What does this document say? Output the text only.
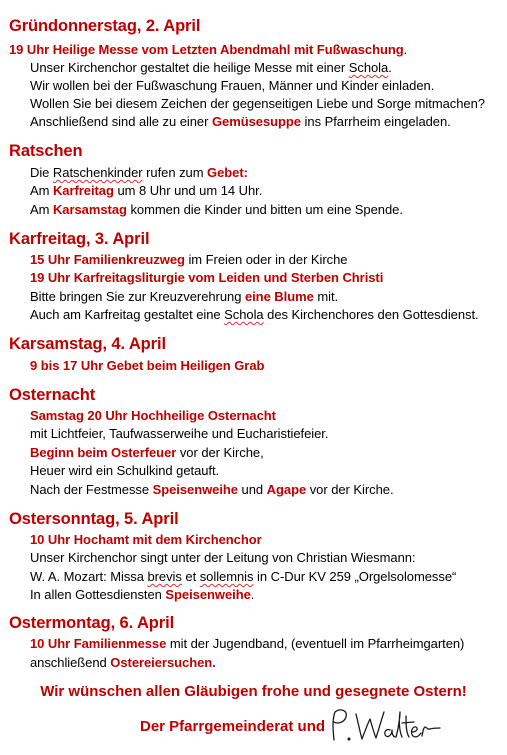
Gründonnerstag, 2. April
19 Uhr Heilige Messe vom Letzten Abendmahl mit Fußwaschung.
Unser Kirchenchor gestaltet die heilige Messe mit einer Schola.
Wir wollen bei der Fußwaschung Frauen, Männer und Kinder einladen.
Wollen Sie bei diesem Zeichen der gegenseitigen Liebe und Sorge mitmachen?
Anschließend sind alle zu einer Gemüsesuppe ins Pfarrheim eingeladen.
Ratschen
Die Ratschenkinder rufen zum Gebet:
Am Karfreitag um 8 Uhr und um 14 Uhr.
Am Karsamstag kommen die Kinder und bitten um eine Spende.
Karfreitag, 3. April
15 Uhr Familienkreuzweg im Freien oder in der Kirche
19 Uhr Karfreitagsliturgie vom Leiden und Sterben Christi
Bitte bringen Sie zur Kreuzverehrung eine Blume mit.
Auch am Karfreitag gestaltet eine Schola des Kirchenchores den Gottesdienst.
Karsamstag, 4. April
9 bis 17 Uhr Gebet beim Heiligen Grab
Osternacht
Samstag 20 Uhr Hochheilige Osternacht
mit Lichtfeier, Taufwasserweihe und Eucharistiefeier.
Beginn beim Osterfeuer vor der Kirche,
Heuer wird ein Schulkind getauft.
Nach der Festmesse Speisenweihe und Agape vor der Kirche.
Ostersonntag, 5. April
10 Uhr Hochamt mit dem Kirchenchor
Unser Kirchenchor singt unter der Leitung von Christian Wiesmann:
W. A. Mozart: Missa brevis et sollemnis in C-Dur KV 259 „Orgelsolomesse“
In allen Gottesdiensten Speisenweihe.
Ostermontag, 6. April
10 Uhr Familienmesse mit der Jugendband, (eventuell im Pfarrheimgarten)
anschließend Ostereiersuchen.
Wir wünschen allen Gläubigen frohe und gesegnete Ostern!
Der Pfarrgemeinderat und
